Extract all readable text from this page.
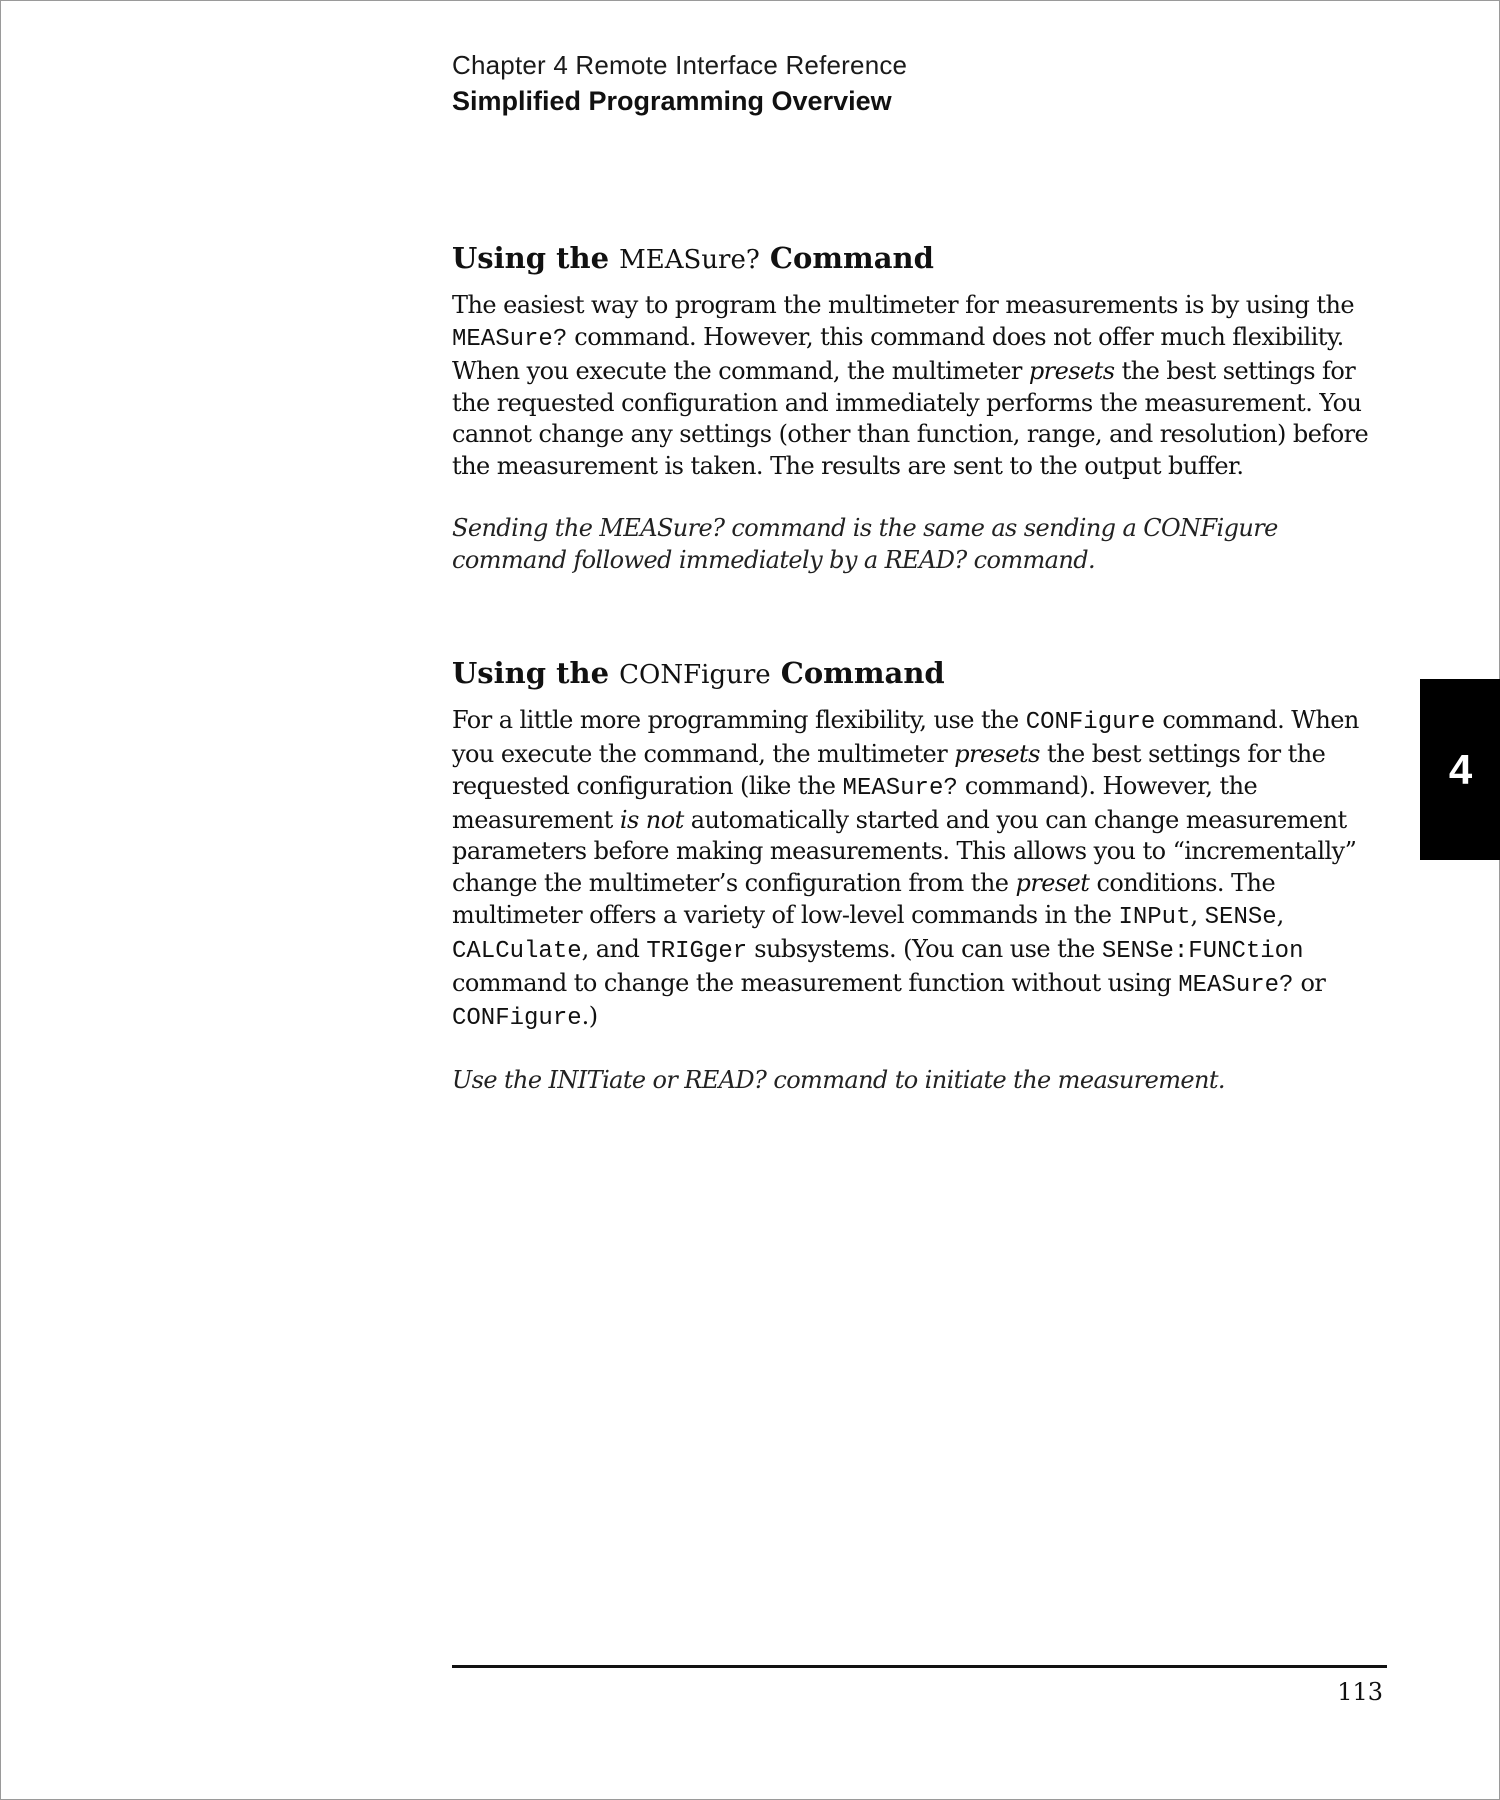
Chapter 4 Remote Interface Reference
Simplified Programming Overview
Using the MEASure? Command

The easiest way to program the multimeter for measurements is by using the MEASure? command. However, this command does not offer much flexibility. When you execute the command, the multimeter presets the best settings for the requested configuration and immediately performs the measurement. You cannot change any settings (other than function, range, and resolution) before the measurement is taken. The results are sent to the output buffer.

Sending the MEASure? command is the same as sending a CONFigure command followed immediately by a READ? command.

Using the CONFigure Command

For a little more programming flexibility, use the CONFigure command. When you execute the command, the multimeter presets the best settings for the requested configuration (like the MEASure? command). However, the measurement is not automatically started and you can change measurement parameters before making measurements. This allows you to “incrementally” change the multimeter’s configuration from the preset conditions. The multimeter offers a variety of low-level commands in the INPut, SENSe, CALCulate, and TRIGger subsystems. (You can use the SENSe:FUNCtion command to change the measurement function without using MEASure? or CONFigure.)

Use the INITiate or READ? command to initiate the measurement.

4
113
